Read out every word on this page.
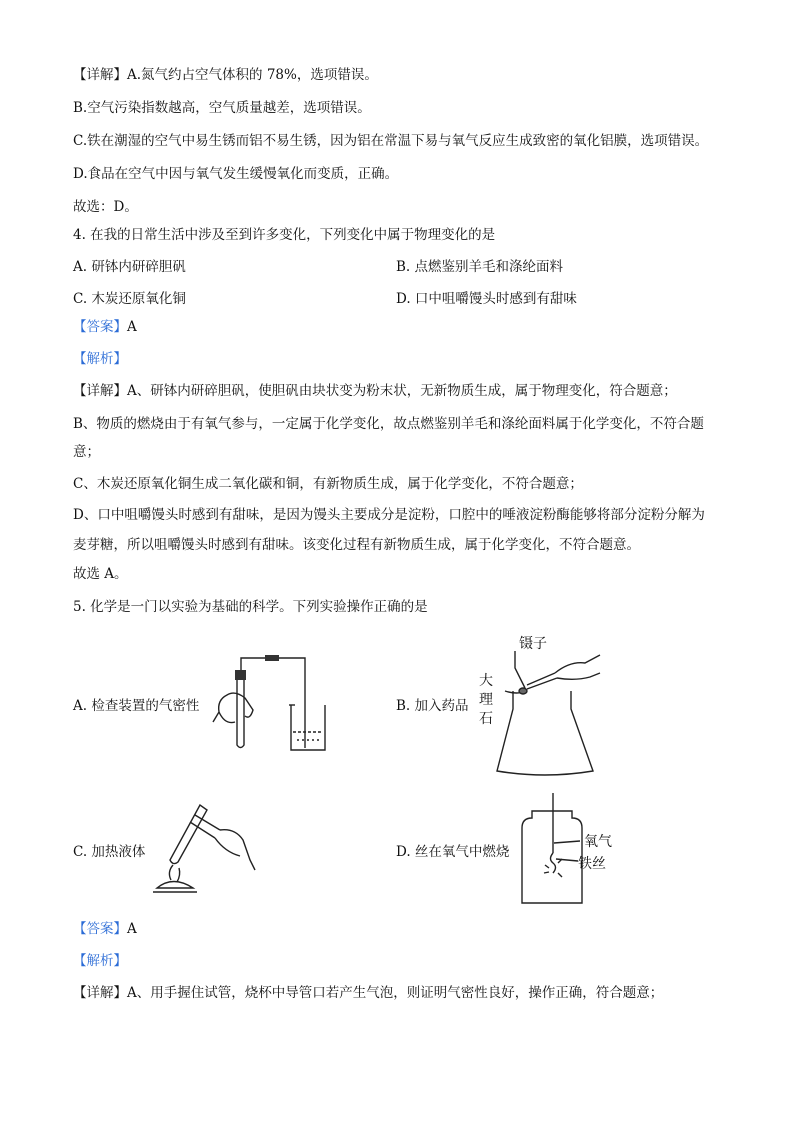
【详解】A.氮气约占空气体积的 78%，选项错误。
B.空气污染指数越高，空气质量越差，选项错误。
C.铁在潮湿的空气中易生锈而铝不易生锈，因为铝在常温下易与氧气反应生成致密的氧化铝膜，选项错误。
D.食品在空气中因与氧气发生缓慢氧化而变质，正确。
故选：D。
4. 在我的日常生活中涉及至到许多变化，下列变化中属于物理变化的是
A. 研钵内研碎胆矾	B. 点燃鉴别羊毛和涤纶面料
C. 木炭还原氧化铜	D. 口中咀嚼馒头时感到有甜味
【答案】A
【解析】
【详解】A、研钵内研碎胆矾，使胆矾由块状变为粉末状，无新物质生成，属于物理变化，符合题意；
B、物质的燃烧由于有氧气参与，一定属于化学变化，故点燃鉴别羊毛和涤纶面料属于化学变化，不符合题
意；
C、木炭还原氧化铜生成二氧化碳和铜，有新物质生成，属于化学变化，不符合题意；
D、口中咀嚼馒头时感到有甜味，是因为馒头主要成分是淀粉，口腔中的唾液淀粉酶能够将部分淀粉分解为
麦芽糖，所以咀嚼馒头时感到有甜味。该变化过程有新物质生成，属于化学变化，不符合题意。
故选 A。
5. 化学是一门以实验为基础的科学。下列实验操作正确的是
A. 检查装置的气密性	B. 加入药品
C. 加热液体	D. 丝在氧气中燃烧
镊子
大
理
石
氧气
铁丝
【答案】A
【解析】
【详解】A、用手握住试管，烧杯中导管口若产生气泡，则证明气密性良好，操作正确，符合题意；
